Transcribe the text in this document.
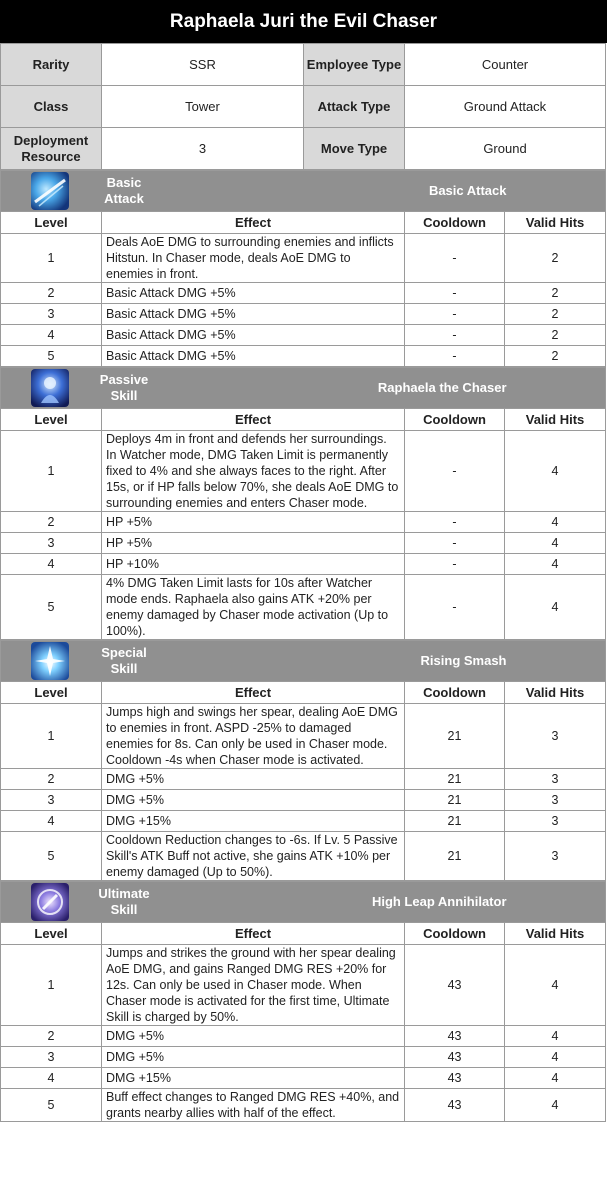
Raphaela Juri the Evil Chaser
Rarity	SSR	Employee Type	Counter
Class	Tower	Attack Type	Ground Attack
Deployment Resource	3	Move Type	Ground
Basic Attack
Basic Attack			

Level	Effect	Cooldown	Valid Hits
1	Deals AoE DMG to surrounding enemies and inflicts Hitstun. In Chaser mode, deals AoE DMG to enemies in front.	-	2
2	Basic Attack DMG +5%	-	2
3	Basic Attack DMG +5%	-	2
4	Basic Attack DMG +5%	-	2
5	Basic Attack DMG +5%	-	2
Passive Skill
Raphaela the Chaser			

Level	Effect	Cooldown	Valid Hits
1	Deploys 4m in front and defends her surroundings. In Watcher mode, DMG Taken Limit is permanently fixed to 4% and she always faces to the right. After 15s, or if HP falls below 70%, she deals AoE DMG to surrounding enemies and enters Chaser mode.	-	4
2	HP +5%	-	4
3	HP +5%	-	4
4	HP +10%	-	4
5	4% DMG Taken Limit lasts for 10s after Watcher mode ends. Raphaela also gains ATK +20% per enemy damaged by Chaser mode activation (Up to 100%).	-	4
Special Skill
Rising Smash			

Level	Effect	Cooldown	Valid Hits
1	Jumps high and swings her spear, dealing AoE DMG to enemies in front. ASPD -25% to damaged enemies for 8s. Can only be used in Chaser mode. Cooldown -4s when Chaser mode is activated.	21	3
2	DMG +5%	21	3
3	DMG +5%	21	3
4	DMG +15%	21	3
5	Cooldown Reduction changes to -6s. If Lv. 5 Passive Skill's ATK Buff not active, she gains ATK +10% per enemy damaged (Up to 50%).	21	3
Ultimate Skill
High Leap Annihilator			

Level	Effect	Cooldown	Valid Hits
1	Jumps and strikes the ground with her spear dealing AoE DMG, and gains Ranged DMG RES +20% for 12s. Can only be used in Chaser mode. When Chaser mode is activated for the first time, Ultimate Skill is charged by 50%.	43	4
2	DMG +5%	43	4
3	DMG +5%	43	4
4	DMG +15%	43	4
5	Buff effect changes to Ranged DMG RES +40%, and grants nearby allies with half of the effect.	43	4
